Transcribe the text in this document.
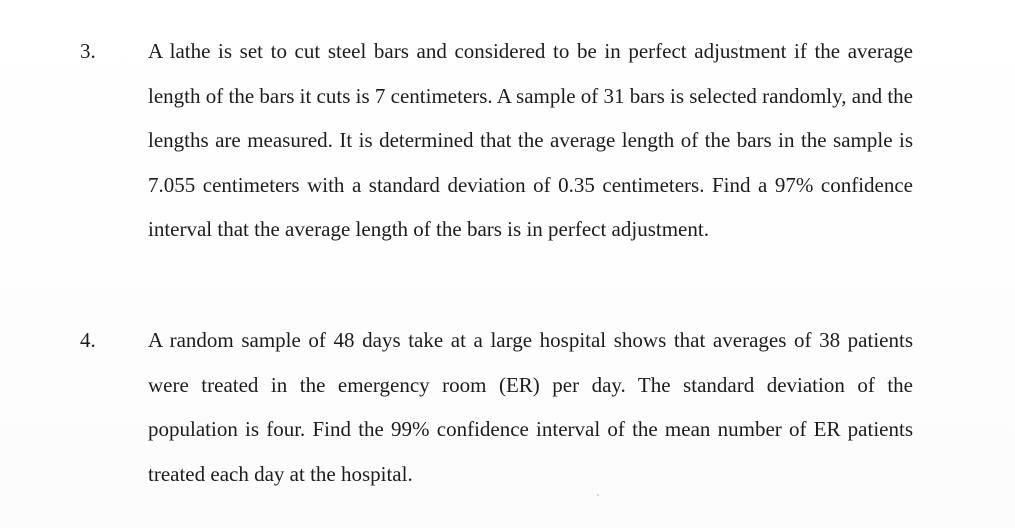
3. A lathe is set to cut steel bars and considered to be in perfect adjustment if the average length of the bars it cuts is 7 centimeters. A sample of 31 bars is selected randomly, and the lengths are measured. It is determined that the average length of the bars in the sample is 7.055 centimeters with a standard deviation of 0.35 centimeters. Find a 97% confidence interval that the average length of the bars is in perfect adjustment.
4. A random sample of 48 days take at a large hospital shows that averages of 38 patients were treated in the emergency room (ER) per day. The standard deviation of the population is four. Find the 99% confidence interval of the mean number of ER patients treated each day at the hospital.
